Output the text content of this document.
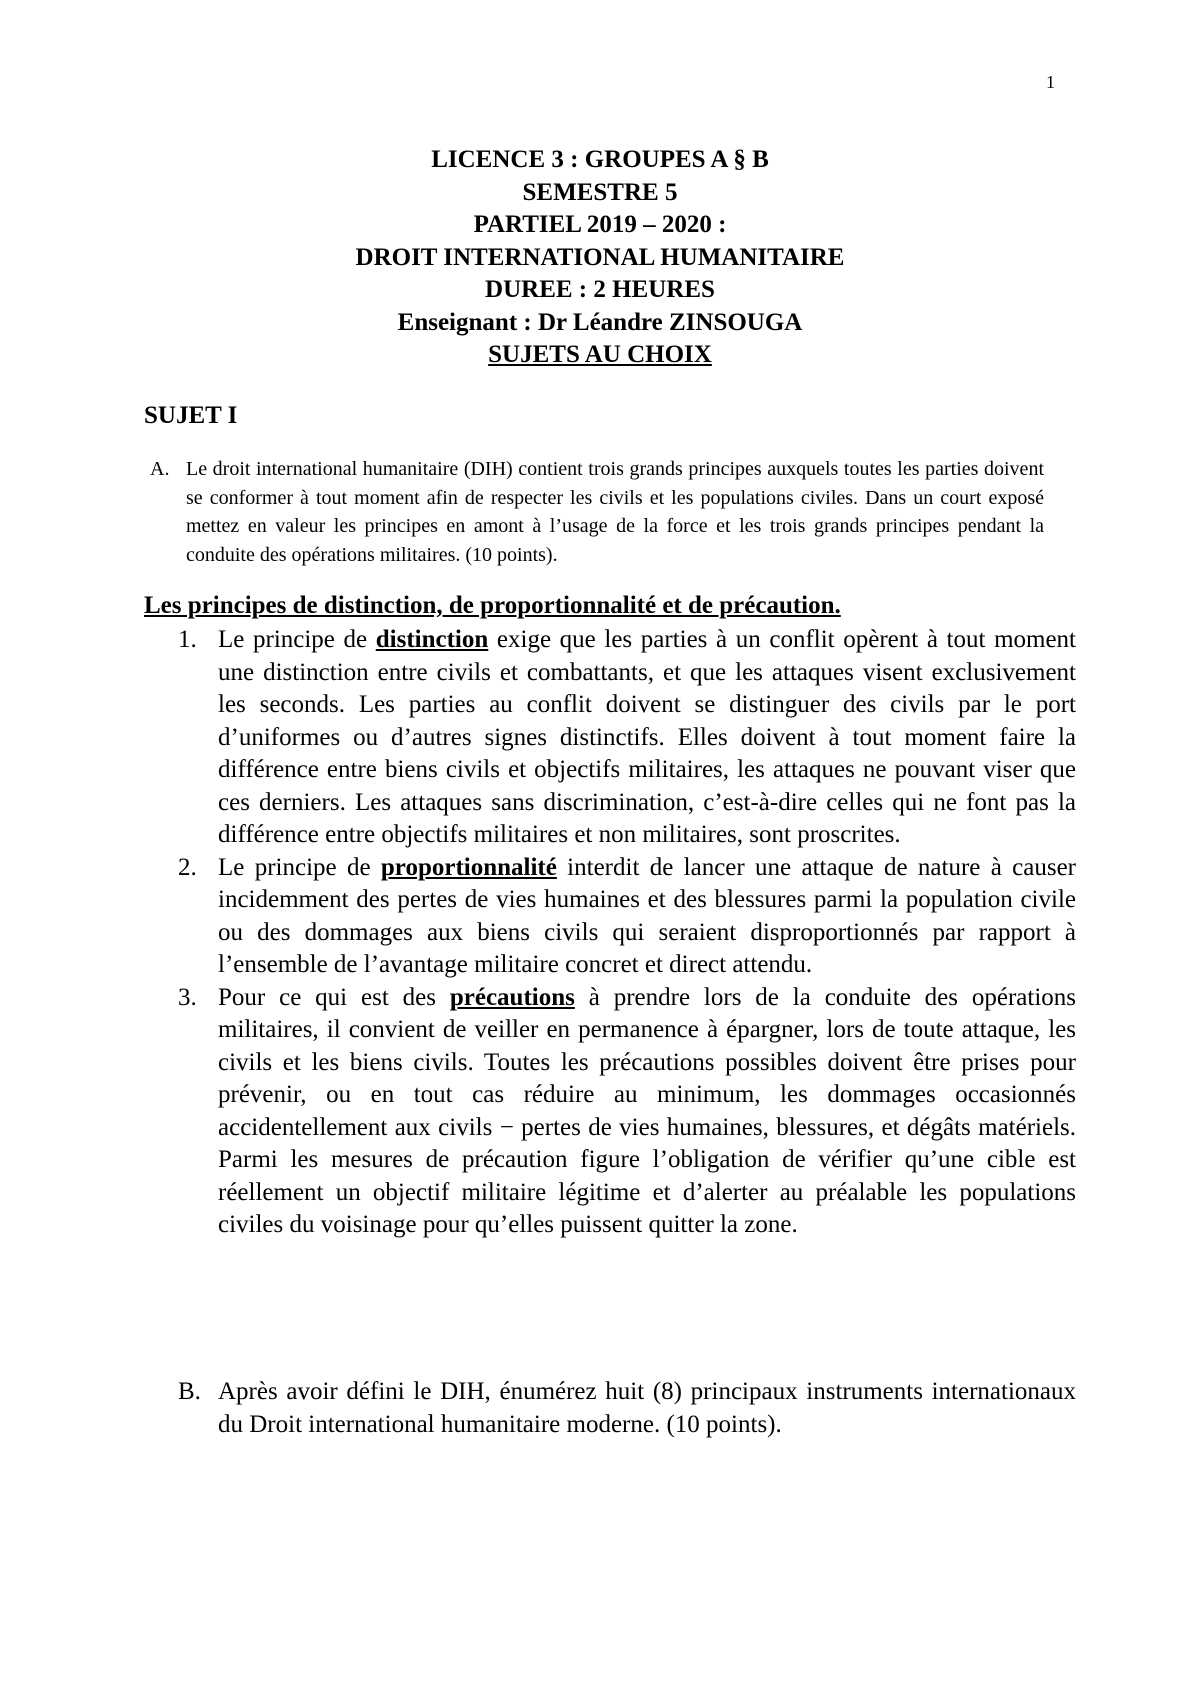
1
LICENCE 3 : GROUPES A § B
SEMESTRE 5
PARTIEL 2019 – 2020 :
DROIT INTERNATIONAL HUMANITAIRE
DUREE : 2 HEURES
Enseignant : Dr Léandre ZINSOUGA
SUJETS AU CHOIX
SUJET I
A. Le droit international humanitaire (DIH) contient trois grands principes auxquels toutes les parties doivent se conformer à tout moment afin de respecter les civils et les populations civiles. Dans un court exposé mettez en valeur les principes en amont à l’usage de la force et les trois grands principes pendant la conduite des opérations militaires. (10 points).
Les principes de distinction, de proportionnalité et de précaution.

1. Le principe de distinction exige que les parties à un conflit opèrent à tout moment une distinction entre civils et combattants, et que les attaques visent exclusivement les seconds. Les parties au conflit doivent se distinguer des civils par le port d’uniformes ou d’autres signes distinctifs. Elles doivent à tout moment faire la différence entre biens civils et objectifs militaires, les attaques ne pouvant viser que ces derniers. Les attaques sans discrimination, c’est-à-dire celles qui ne font pas la différence entre objectifs militaires et non militaires, sont proscrites.

2. Le principe de proportionnalité interdit de lancer une attaque de nature à causer incidemment des pertes de vies humaines et des blessures parmi la population civile ou des dommages aux biens civils qui seraient disproportionnés par rapport à l’ensemble de l’avantage militaire concret et direct attendu.

3. Pour ce qui est des précautions à prendre lors de la conduite des opérations militaires, il convient de veiller en permanence à épargner, lors de toute attaque, les civils et les biens civils. Toutes les précautions possibles doivent être prises pour prévenir, ou en tout cas réduire au minimum, les dommages occasionnés accidentellement aux civils − pertes de vies humaines, blessures, et dégâts matériels. Parmi les mesures de précaution figure l’obligation de vérifier qu’une cible est réellement un objectif militaire légitime et d’alerter au préalable les populations civiles du voisinage pour qu’elles puissent quitter la zone.

B. Après avoir défini le DIH, énumérez huit (8) principaux instruments internationaux du Droit international humanitaire moderne. (10 points).
